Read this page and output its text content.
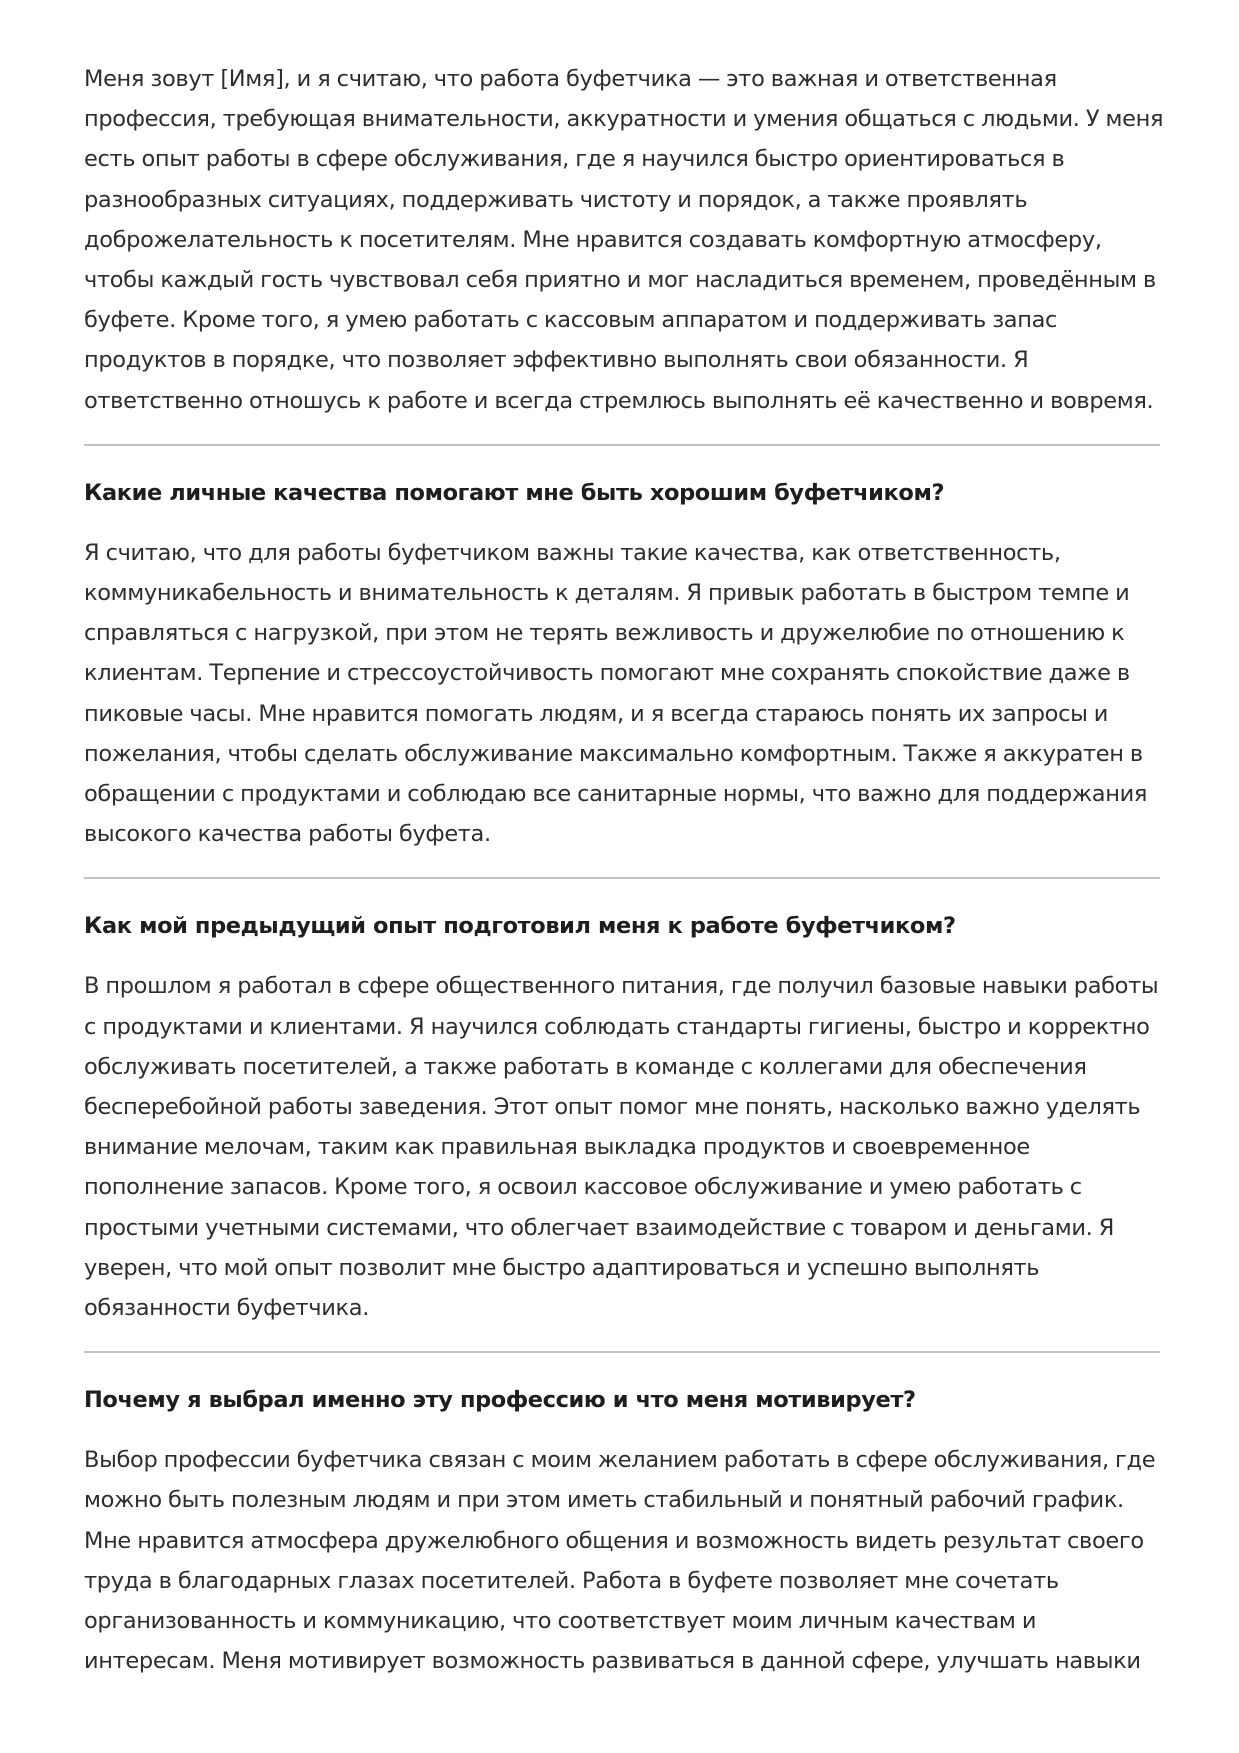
Меня зовут [Имя], и я считаю, что работа буфетчика — это важная и ответственная
профессия, требующая внимательности, аккуратности и умения общаться с людьми. У меня
есть опыт работы в сфере обслуживания, где я научился быстро ориентироваться в
разнообразных ситуациях, поддерживать чистоту и порядок, а также проявлять
доброжелательность к посетителям. Мне нравится создавать комфортную атмосферу,
чтобы каждый гость чувствовал себя приятно и мог насладиться временем, проведённым в
буфете. Кроме того, я умею работать с кассовым аппаратом и поддерживать запас
продуктов в порядке, что позволяет эффективно выполнять свои обязанности. Я
ответственно отношусь к работе и всегда стремлюсь выполнять её качественно и вовремя.

Какие личные качества помогают мне быть хорошим буфетчиком?

Я считаю, что для работы буфетчиком важны такие качества, как ответственность,
коммуникабельность и внимательность к деталям. Я привык работать в быстром темпе и
справляться с нагрузкой, при этом не терять вежливость и дружелюбие по отношению к
клиентам. Терпение и стрессоустойчивость помогают мне сохранять спокойствие даже в
пиковые часы. Мне нравится помогать людям, и я всегда стараюсь понять их запросы и
пожелания, чтобы сделать обслуживание максимально комфортным. Также я аккуратен в
обращении с продуктами и соблюдаю все санитарные нормы, что важно для поддержания
высокого качества работы буфета.

Как мой предыдущий опыт подготовил меня к работе буфетчиком?

В прошлом я работал в сфере общественного питания, где получил базовые навыки работы
с продуктами и клиентами. Я научился соблюдать стандарты гигиены, быстро и корректно
обслуживать посетителей, а также работать в команде с коллегами для обеспечения
бесперебойной работы заведения. Этот опыт помог мне понять, насколько важно уделять
внимание мелочам, таким как правильная выкладка продуктов и своевременное
пополнение запасов. Кроме того, я освоил кассовое обслуживание и умею работать с
простыми учетными системами, что облегчает взаимодействие с товаром и деньгами. Я
уверен, что мой опыт позволит мне быстро адаптироваться и успешно выполнять
обязанности буфетчика.

Почему я выбрал именно эту профессию и что меня мотивирует?

Выбор профессии буфетчика связан с моим желанием работать в сфере обслуживания, где
можно быть полезным людям и при этом иметь стабильный и понятный рабочий график.
Мне нравится атмосфера дружелюбного общения и возможность видеть результат своего
труда в благодарных глазах посетителей. Работа в буфете позволяет мне сочетать
организованность и коммуникацию, что соответствует моим личным качествам и
интересам. Меня мотивирует возможность развиваться в данной сфере, улучшать навыки
